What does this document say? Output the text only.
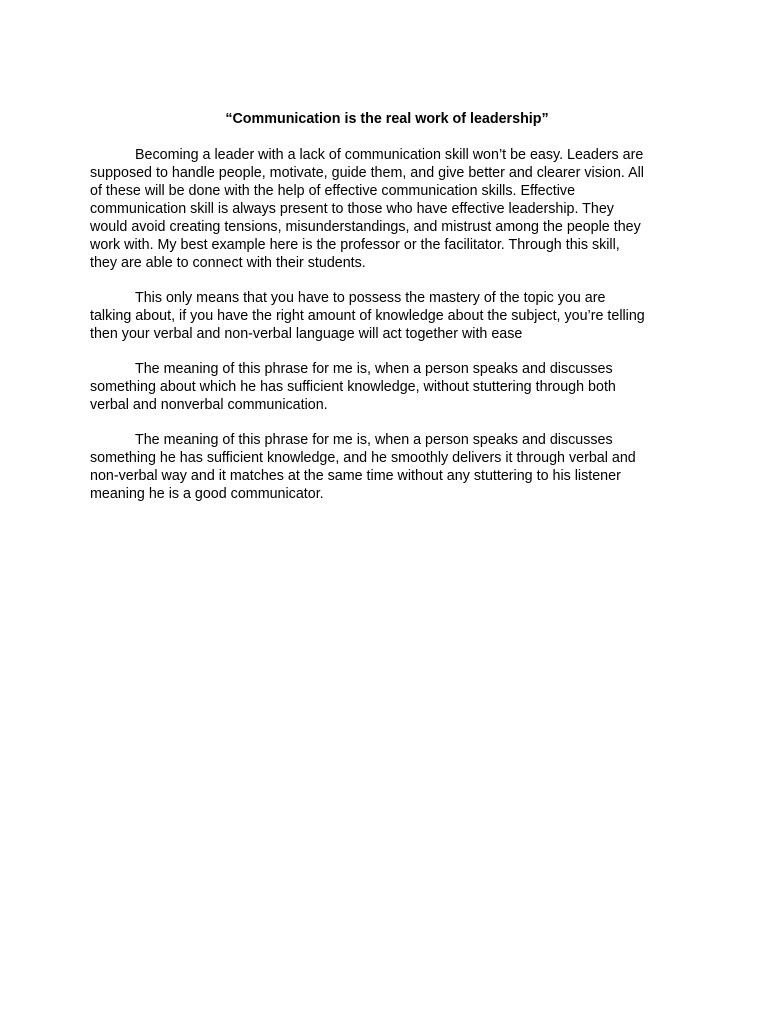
“Communication is the real work of leadership”
Becoming a leader with a lack of communication skill won’t be easy. Leaders are
supposed to handle people, motivate, guide them, and give better and clearer vision. All
of these will be done with the help of effective communication skills. Effective
communication skill is always present to those who have effective leadership. They
would avoid creating tensions, misunderstandings, and mistrust among the people they
work with. My best example here is the professor or the facilitator. Through this skill,
they are able to connect with their students.
This only means that you have to possess the mastery of the topic you are
talking about, if you have the right amount of knowledge about the subject, you’re telling
then your verbal and non-verbal language will act together with ease
The meaning of this phrase for me is, when a person speaks and discusses
something about which he has sufficient knowledge, without stuttering through both
verbal and nonverbal communication.
The meaning of this phrase for me is, when a person speaks and discusses
something he has sufficient knowledge, and he smoothly delivers it through verbal and
non-verbal way and it matches at the same time without any stuttering to his listener
meaning he is a good communicator.
